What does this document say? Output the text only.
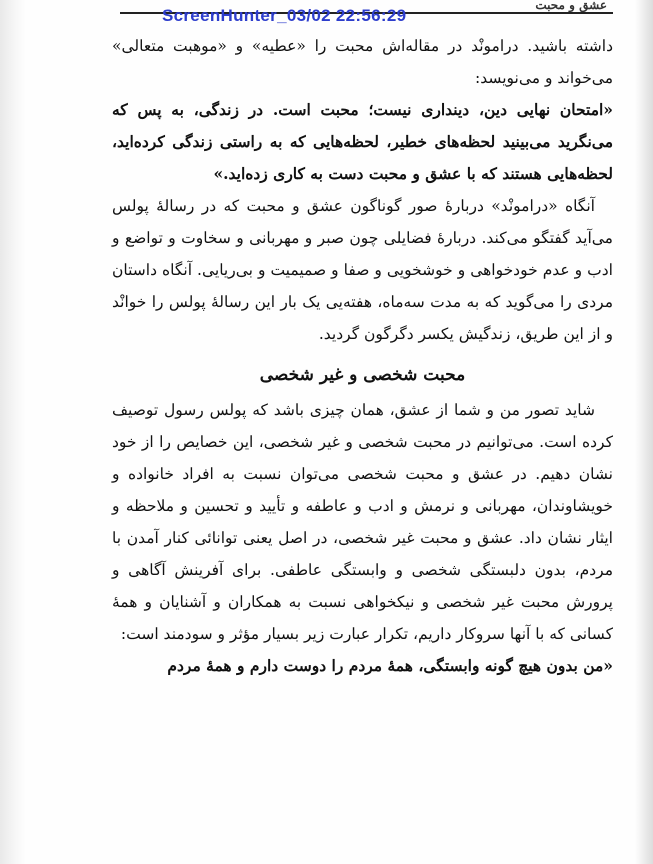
عشق و محبت
ScreenHunter_03/02 22:56:29

داشته باشید. درامونْد در مقاله‌اش محبت را «عطیه» و «موهبت متعالی» می‌خواند و می‌نویسد:

«امتحان نهایی دین، دینداری نیست؛ محبت است. در زندگی، به پس که می‌نگرید می‌بینید لحظه‌های خطیر، لحظه‌هایی که به راستی زندگی کرده‌اید، لحظه‌هایی هستند که با عشق و محبت دست به کاری زده‌اید.»

آنگاه «درامونْد» دربارهٔ صور گوناگون عشق و محبت که در رسالهٔ پولس می‌آید گفتگو می‌کند. دربارهٔ فضایلی چون صبر و مهربانی و سخاوت و تواضع و ادب و عدم خودخواهی و خوشخویی و صفا و صمیمیت و بی‌ریایی. آنگاه داستان مردی را می‌گوید که به مدت سه‌ماه، هفته‌یی یک بار این رسالهٔ پولس را خوانْد و از این طریق، زندگیش یکسر دگرگون گردید.

محبت شخصی و غیر شخصی

شاید تصور من و شما از عشق، همان چیزی باشد که پولس رسول توصیف کرده است. می‌توانیم در محبت شخصی و غیر شخصی، این خصایص را از خود نشان دهیم. در عشق و محبت شخصی می‌توان نسبت به افراد خانواده و خویشاوندان، مهربانی و نرمش و ادب و عاطفه و تأیید و تحسین و ملاحظه و ایثار نشان داد. عشق و محبت غیر شخصی، در اصل یعنی توانائی کنار آمدن با مردم، بدون دلبستگی شخصی و وابستگی عاطفی. برای آفرینش آگاهی و پرورش محبت غیر شخصی و نیکخواهی نسبت به همکاران و آشنایان و همهٔ کسانی که با آنها سروکار داریم، تکرار عبارت زیر بسیار مؤثر و سودمند است:

«من بدون هیچ گونه وابستگی، همهٔ مردم را دوست دارم و همهٔ مردم
